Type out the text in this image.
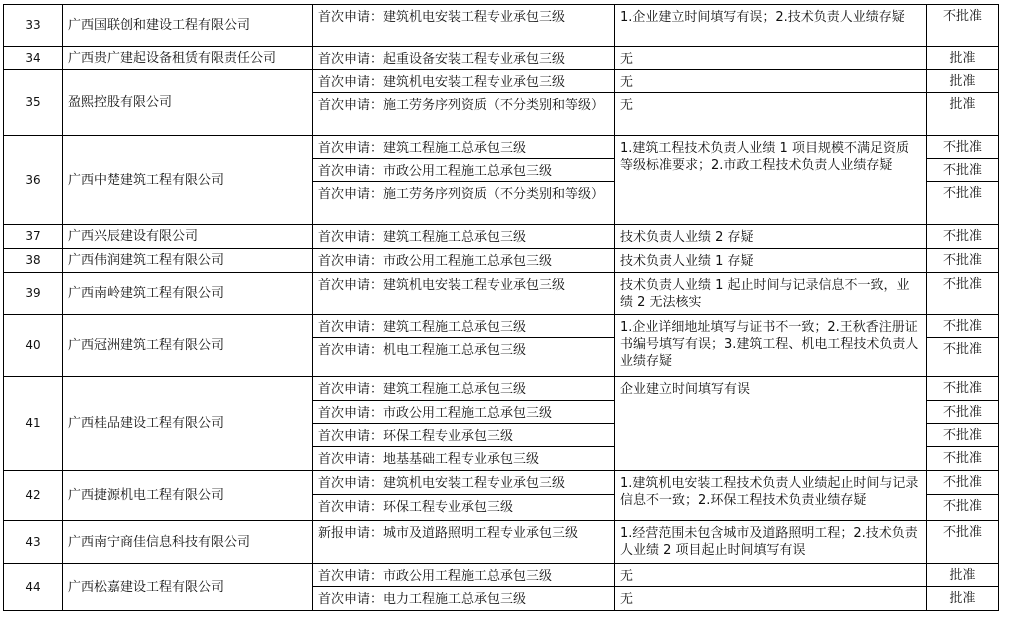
33	广西国联创和建设工程有限公司	首次申请：建筑机电安装工程专业承包三级	1.企业建立时间填写有误；2.技术负责人业绩存疑	不批准
34	广西贵广建起设备租赁有限责任公司	首次申请：起重设备安装工程专业承包三级	无	批准
35	盈熙控股有限公司	首次申请：建筑机电安装工程专业承包三级	无	批准
		首次申请：施工劳务序列资质（不分类别和等级）	无	批准
36	广西中楚建筑工程有限公司	首次申请：建筑工程施工总承包三级	1.建筑工程技术负责人业绩 1 项目规模不满足资质等级标准要求；2.市政工程技术负责人业绩存疑	不批准
		首次申请：市政公用工程施工总承包三级		不批准
		首次申请：施工劳务序列资质（不分类别和等级）		不批准
37	广西兴辰建设有限公司	首次申请：建筑工程施工总承包三级	技术负责人业绩 2 存疑	不批准
38	广西伟润建筑工程有限公司	首次申请：市政公用工程施工总承包三级	技术负责人业绩 1 存疑	不批准
39	广西南岭建筑工程有限公司	首次申请：建筑机电安装工程专业承包三级	技术负责人业绩 1 起止时间与记录信息不一致，业绩 2 无法核实	不批准
40	广西冠洲建筑工程有限公司	首次申请：建筑工程施工总承包三级	1.企业详细地址填写与证书不一致；2.王秋香注册证书编号填写有误；3.建筑工程、机电工程技术负责人业绩存疑	不批准
		首次申请：机电工程施工总承包三级		不批准
41	广西桂品建设工程有限公司	首次申请：建筑工程施工总承包三级	企业建立时间填写有误	不批准
		首次申请：市政公用工程施工总承包三级		不批准
		首次申请：环保工程专业承包三级		不批准
		首次申请：地基基础工程专业承包三级		不批准
42	广西捷源机电工程有限公司	首次申请：建筑机电安装工程专业承包三级	1.建筑机电安装工程技术负责人业绩起止时间与记录信息不一致；2.环保工程技术负责业绩存疑	不批准
		首次申请：环保工程专业承包三级		不批准
43	广西南宁商佳信息科技有限公司	新报申请：城市及道路照明工程专业承包三级	1.经营范围未包含城市及道路照明工程；2.技术负责人业绩 2 项目起止时间填写有误	不批准
44	广西松嘉建设工程有限公司	首次申请：市政公用工程施工总承包三级	无	批准
		首次申请：电力工程施工总承包三级	无	批准
